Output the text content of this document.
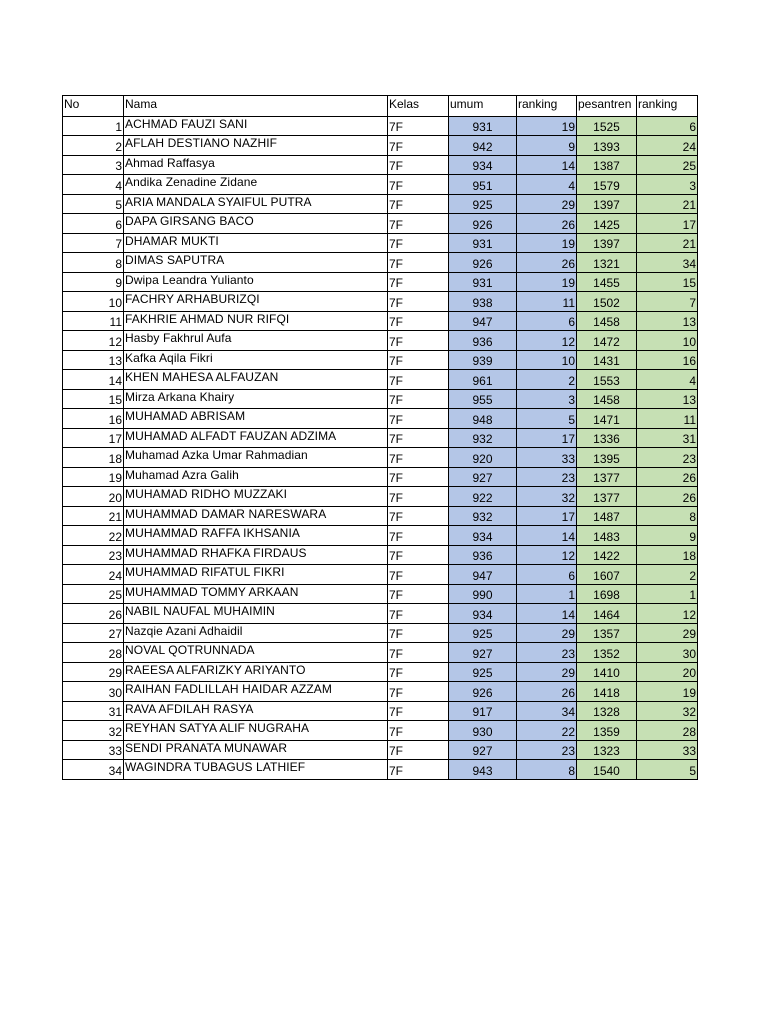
No	Nama	Kelas	umum	ranking	pesantren	ranking
1	ACHMAD FAUZI SANI	7F	931	19	1525	6
2	AFLAH DESTIANO NAZHIF	7F	942	9	1393	24
3	Ahmad Raffasya	7F	934	14	1387	25
4	Andika Zenadine Zidane	7F	951	4	1579	3
5	ARIA MANDALA SYAIFUL PUTRA	7F	925	29	1397	21
6	DAPA GIRSANG BACO	7F	926	26	1425	17
7	DHAMAR MUKTI	7F	931	19	1397	21
8	DIMAS SAPUTRA	7F	926	26	1321	34
9	Dwipa Leandra Yulianto	7F	931	19	1455	15
10	FACHRY ARHABURIZQI	7F	938	11	1502	7
11	FAKHRIE AHMAD NUR RIFQI	7F	947	6	1458	13
12	Hasby Fakhrul Aufa	7F	936	12	1472	10
13	Kafka Aqila Fikri	7F	939	10	1431	16
14	KHEN MAHESA ALFAUZAN	7F	961	2	1553	4
15	Mirza Arkana Khairy	7F	955	3	1458	13
16	MUHAMAD ABRISAM	7F	948	5	1471	11
17	MUHAMAD ALFADT FAUZAN ADZIMA	7F	932	17	1336	31
18	Muhamad Azka Umar Rahmadian	7F	920	33	1395	23
19	Muhamad Azra Galih	7F	927	23	1377	26
20	MUHAMAD RIDHO MUZZAKI	7F	922	32	1377	26
21	MUHAMMAD DAMAR NARESWARA	7F	932	17	1487	8
22	MUHAMMAD RAFFA IKHSANIA	7F	934	14	1483	9
23	MUHAMMAD RHAFKA FIRDAUS	7F	936	12	1422	18
24	MUHAMMAD RIFATUL FIKRI	7F	947	6	1607	2
25	MUHAMMAD TOMMY ARKAAN	7F	990	1	1698	1
26	NABIL NAUFAL MUHAIMIN	7F	934	14	1464	12
27	Nazqie Azani Adhaidil	7F	925	29	1357	29
28	NOVAL QOTRUNNADA	7F	927	23	1352	30
29	RAEESA ALFARIZKY ARIYANTO	7F	925	29	1410	20
30	RAIHAN FADLILLAH HAIDAR AZZAM	7F	926	26	1418	19
31	RAVA AFDILAH RASYA	7F	917	34	1328	32
32	REYHAN SATYA ALIF NUGRAHA	7F	930	22	1359	28
33	SENDI PRANATA MUNAWAR	7F	927	23	1323	33
34	WAGINDRA TUBAGUS LATHIEF	7F	943	8	1540	5
